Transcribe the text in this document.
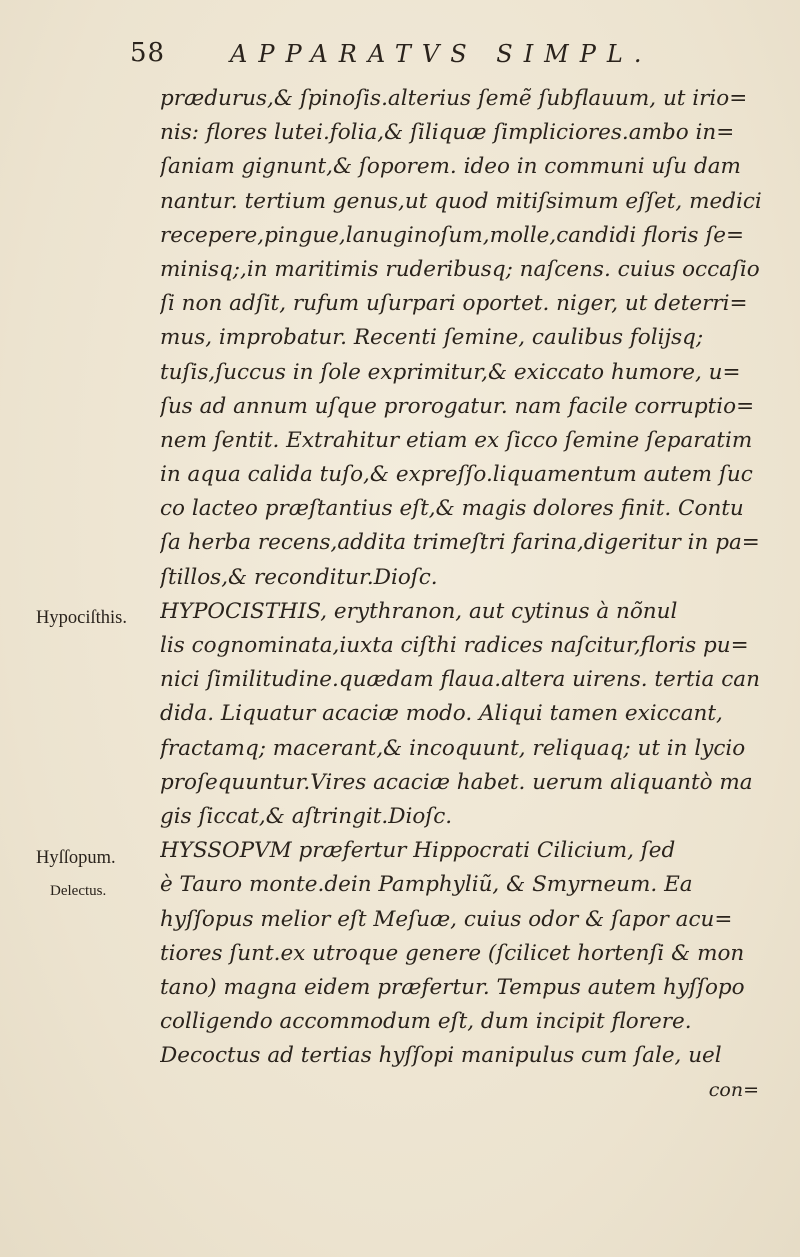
58	APPARATVS SIMPL.
Hypociſthis.
Hyſſopum.
Delectus.
prædurus,& ſpinoſis.alterius ſemẽ ſubflauum, ut irio=
nis: flores lutei.folia,& ſiliquæ ſimpliciores.ambo in=
ſaniam gignunt,& ſoporem. ideo in communi uſu dam
nantur. tertium genus,ut quod mitiſsimum eſſet, medici
recepere,pingue,lanuginoſum,molle,candidi floris ſe=
minisq;,in maritimis ruderibusq; naſcens. cuius occaſio
ſi non adſit, rufum uſurpari oportet. niger, ut deterri=
mus, improbatur. Recenti ſemine, caulibus folijsq;
tuſis,ſuccus in ſole exprimitur,& exiccato humore, u=
ſus ad annum uſque prorogatur. nam facile corruptio=
nem ſentit. Extrahitur etiam ex ſicco ſemine ſeparatim
in aqua calida tuſo,& expreſſo.liquamentum autem ſuc
co lacteo præſtantius eſt,& magis dolores finit. Contu
ſa herba recens,addita trimeſtri farina,digeritur in pa=
ſtillos,& reconditur.Dioſc.
HYPOCISTHIS, erythranon, aut cytinus à nõnul
lis cognominata,iuxta ciſthi radices naſcitur,floris pu=
nici ſimilitudine.quædam flaua.altera uirens. tertia can
dida. Liquatur acaciæ modo. Aliqui tamen exiccant,
fractamq; macerant,& incoquunt, reliquaq; ut in lycio
proſequuntur.Vires acaciæ habet. uerum aliquantò ma
gis ſiccat,& aſtringit.Dioſc.
HYSSOPVM præfertur Hippocrati Cilicium, ſed
è Tauro monte.dein Pamphyliũ, & Smyrneum. Ea
hyſſopus melior eſt Meſuæ, cuius odor & ſapor acu=
tiores ſunt.ex utroque genere (ſcilicet hortenſi & mon
tano) magna eidem præfertur. Tempus autem hyſſopo
colligendo accommodum eſt, dum incipit florere.
Decoctus ad tertias hyſſopi manipulus cum ſale, uel
con=
